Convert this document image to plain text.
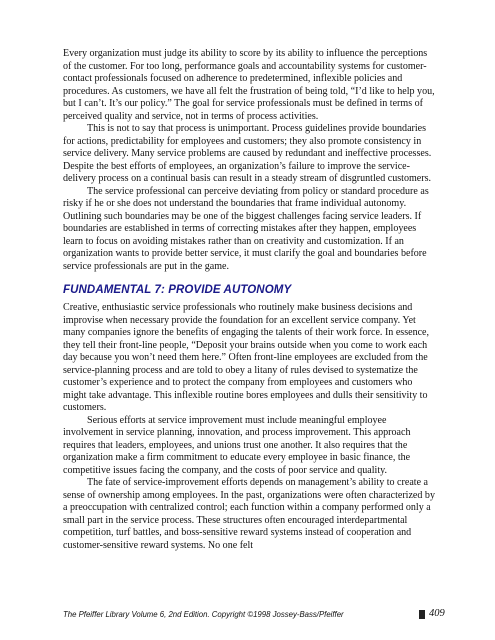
Every organization must judge its ability to score by its ability to influence the perceptions of the customer. For too long, performance goals and accountability systems for customer-contact professionals focused on adherence to predetermined, inflexible policies and procedures. As customers, we have all felt the frustration of being told, “I’d like to help you, but I can’t. It’s our policy.” The goal for service professionals must be defined in terms of perceived quality and service, not in terms of process activities.

This is not to say that process is unimportant. Process guidelines provide boundaries for actions, predictability for employees and customers; they also promote consistency in service delivery. Many service problems are caused by redundant and ineffective processes. Despite the best efforts of employees, an organization’s failure to improve the service-delivery process on a continual basis can result in a steady stream of disgruntled customers.

The service professional can perceive deviating from policy or standard procedure as risky if he or she does not understand the boundaries that frame individual autonomy. Outlining such boundaries may be one of the biggest challenges facing service leaders. If boundaries are established in terms of correcting mistakes after they happen, employees learn to focus on avoiding mistakes rather than on creativity and customization. If an organization wants to provide better service, it must clarify the goal and boundaries before service professionals are put in the game.

FUNDAMENTAL 7: PROVIDE AUTONOMY

Creative, enthusiastic service professionals who routinely make business decisions and improvise when necessary provide the foundation for an excellent service company. Yet many companies ignore the benefits of engaging the talents of their work force. In essence, they tell their front-line people, “Deposit your brains outside when you come to work each day because you won’t need them here.” Often front-line employees are excluded from the service-planning process and are told to obey a litany of rules devised to systematize the customer’s experience and to protect the company from employees and customers who might take advantage. This inflexible routine bores employees and dulls their sensitivity to customers.

Serious efforts at service improvement must include meaningful employee involvement in service planning, innovation, and process improvement. This approach requires that leaders, employees, and unions trust one another. It also requires that the organization make a firm commitment to educate every employee in basic finance, the competitive issues facing the company, and the costs of poor service and quality.

The fate of service-improvement efforts depends on management’s ability to create a sense of ownership among employees. In the past, organizations were often characterized by a preoccupation with centralized control; each function within a company performed only a small part in the service process. These structures often encouraged interdepartmental competition, turf battles, and boss-sensitive reward systems instead of cooperation and customer-sensitive reward systems. No one felt

The Pfeiffer Library Volume 6, 2nd Edition. Copyright ©1998 Jossey-Bass/Pfeiffer	409
